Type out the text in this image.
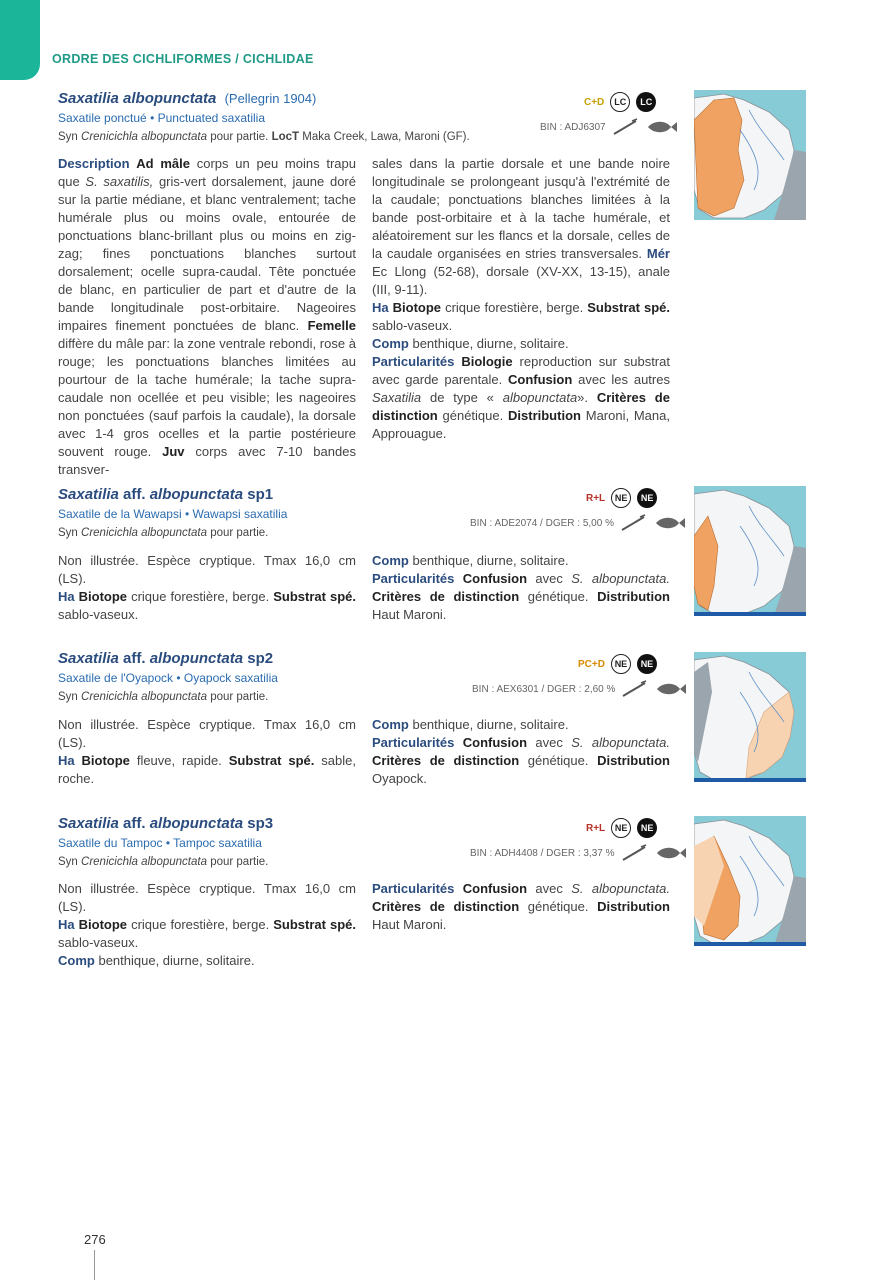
ORDRE DES CICHLIFORMES / CICHLIDAE
Saxatilia albopunctata (Pellegrin 1904)
Saxatile ponctué • Punctuated saxatilia
Syn Crenicichla albopunctata pour partie. LocT Maka Creek, Lawa, Maroni (GF).
C+D	LC	LC
BIN : ADJ6307
Description Ad mâle corps un peu moins trapu que S. saxatilis, gris-vert dorsalement, jaune doré sur la partie médiane, et blanc ventralement; tache humérale plus ou moins ovale, entourée de ponctuations blanc-brillant plus ou moins en zig-zag; fines ponctuations blanches surtout dorsalement; ocelle supra-caudal. Tête ponctuée de blanc, en particulier de part et d'autre de la bande longitudinale post-orbitaire. Nageoires impaires finement ponctuées de blanc. Femelle diffère du mâle par: la zone ventrale rebondi, rose à rouge; les ponctuations blanches limitées au pourtour de la tache humérale; la tache supra-caudale non ocellée et peu visible; les nageoires non ponctuées (sauf parfois la caudale), la dorsale avec 1-4 gros ocelles et la partie postérieure souvent rouge. Juv corps avec 7-10 bandes transver-
sales dans la partie dorsale et une bande noire longitudinale se prolongeant jusqu'à l'extrémité de la caudale; ponctuations blanches limitées à la bande post-orbitaire et à la tache humérale, et aléatoirement sur les flancs et la dorsale, celles de la caudale organisées en stries transversales. Mér Ec Llong (52-68), dorsale (XV-XX, 13-15), anale (III, 9-11).
Ha Biotope crique forestière, berge. Substrat spé. sablo-vaseux.
Comp benthique, diurne, solitaire.
Particularités Biologie reproduction sur substrat avec garde parentale. Confusion avec les autres Saxatilia de type « albopunctata». Critères de distinction génétique. Distribution Maroni, Mana, Approuague.
Saxatilia aff. albopunctata sp1
Saxatile de la Wawapsi • Wawapsi saxatilia
Syn Crenicichla albopunctata pour partie.
R+L	NE	NE
BIN : ADE2074 / DGER : 5,00 %
Non illustrée. Espèce cryptique. Tmax 16,0 cm (LS).
Ha Biotope crique forestière, berge. Substrat spé. sablo-vaseux.
Comp benthique, diurne, solitaire.
Particularités Confusion avec S. albopunctata. Critères de distinction génétique. Distribution Haut Maroni.
Saxatilia aff. albopunctata sp2
Saxatile de l'Oyapock • Oyapock saxatilia
Syn Crenicichla albopunctata pour partie.
PC+D	NE	NE
BIN : AEX6301 / DGER : 2,60 %
Non illustrée. Espèce cryptique. Tmax 16,0 cm (LS).
Ha Biotope fleuve, rapide. Substrat spé. sable, roche.
Comp benthique, diurne, solitaire.
Particularités Confusion avec S. albopunctata. Critères de distinction génétique. Distribution Oyapock.
Saxatilia aff. albopunctata sp3
Saxatile du Tampoc • Tampoc saxatilia
Syn Crenicichla albopunctata pour partie.
R+L	NE	NE
BIN : ADH4408 / DGER : 3,37 %
Non illustrée. Espèce cryptique. Tmax 16,0 cm (LS).
Ha Biotope crique forestière, berge. Substrat spé. sablo-vaseux.
Comp benthique, diurne, solitaire.
Particularités Confusion avec S. albopunctata. Critères de distinction génétique. Distribution Haut Maroni.
276
